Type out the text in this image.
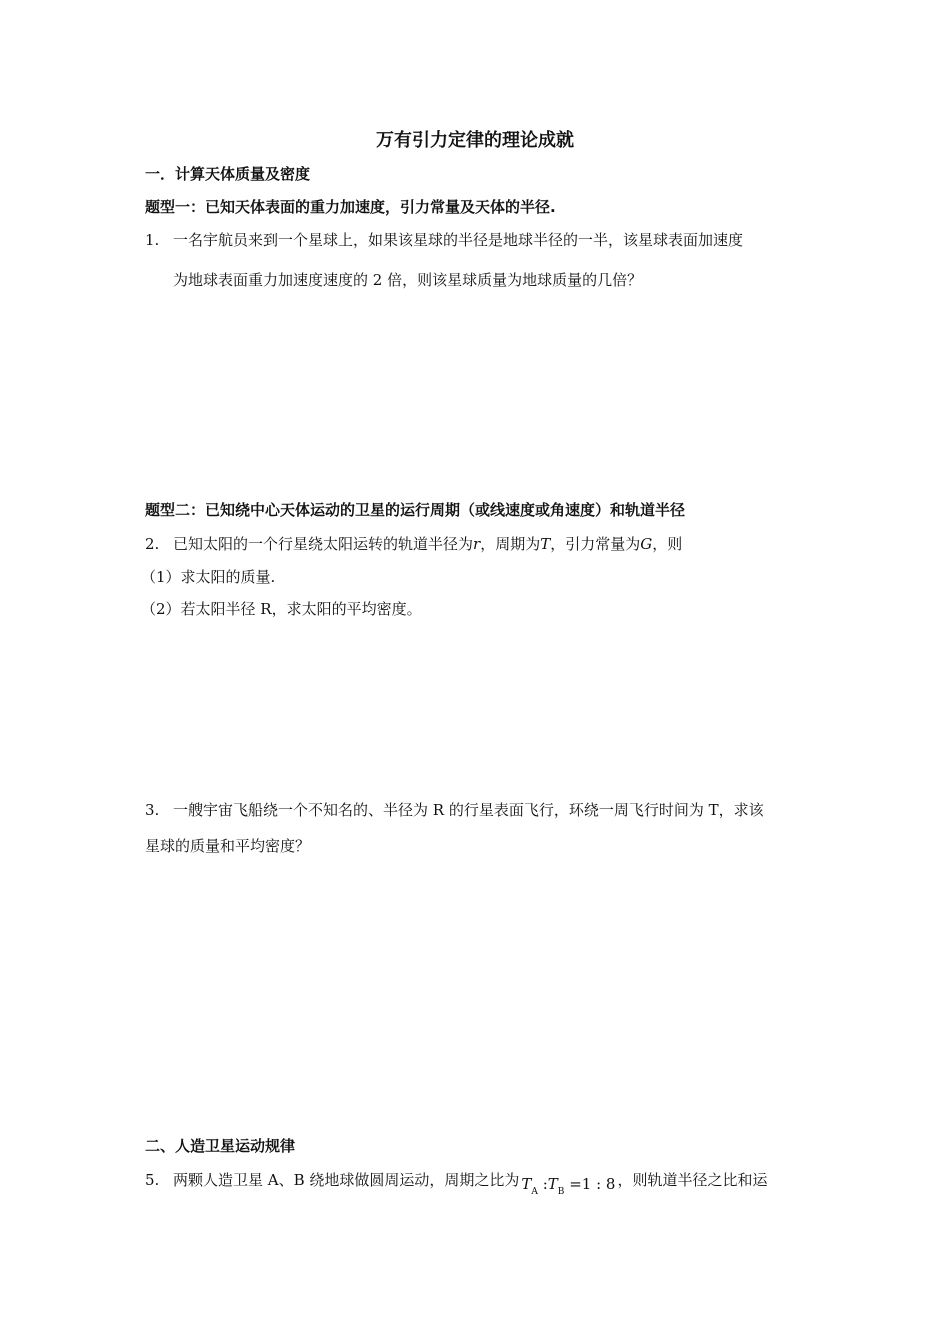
万有引力定律的理论成就
一．计算天体质量及密度
题型一：已知天体表面的重力加速度，引力常量及天体的半径.
1. 一名宇航员来到一个星球上，如果该星球的半径是地球半径的一半，该星球表面加速度
为地球表面重力加速度速度的 2 倍，则该星球质量为地球质量的几倍？
题型二：已知绕中心天体运动的卫星的运行周期（或线速度或角速度）和轨道半径
2. 已知太阳的一个行星绕太阳运转的轨道半径为r，周期为T，引力常量为G，则
（1）求太阳的质量.
（2）若太阳半径 R，求太阳的平均密度。
3. 一艘宇宙飞船绕一个不知名的、半径为 R 的行星表面飞行，环绕一周飞行时间为 T，求该
星球的质量和平均密度？
二、人造卫星运动规律
5. 两颗人造卫星 A、B 绕地球做圆周运动，周期之比为 $T_A$ $:T_B =1$ : 8 ，则轨道半径之比和运
